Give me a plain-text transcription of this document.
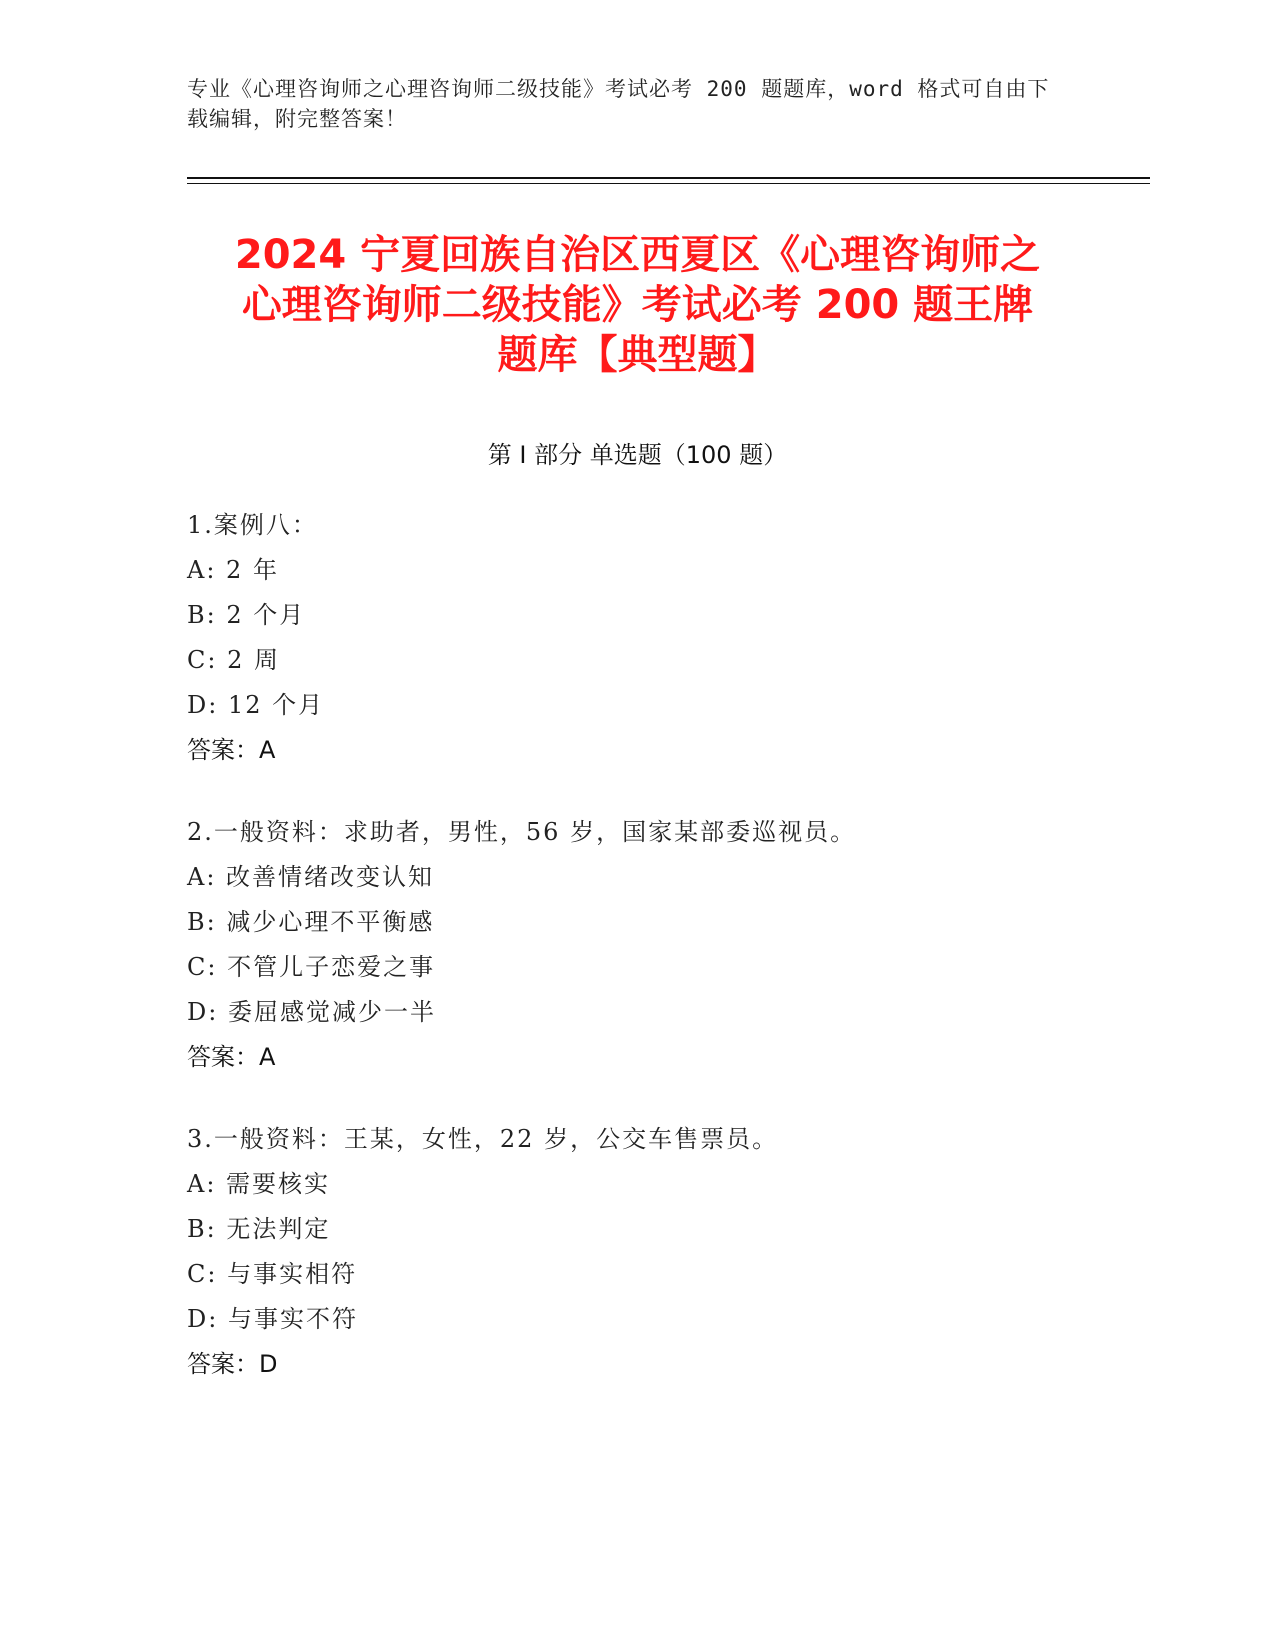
专业《心理咨询师之心理咨询师二级技能》考试必考 200 题题库，word 格式可自由下载编辑，附完整答案！
2024 宁夏回族自治区西夏区《心理咨询师之
心理咨询师二级技能》考试必考 200 题王牌
题库【典型题】
第 I 部分 单选题（100 题）
1.案例八：
A: 2 年
B: 2 个月
C: 2 周
D: 12 个月
答案：A
2.一般资料：求助者，男性，56 岁，国家某部委巡视员。
A: 改善情绪改变认知
B: 减少心理不平衡感
C: 不管儿子恋爱之事
D: 委屈感觉减少一半
答案：A
3.一般资料：王某，女性，22 岁，公交车售票员。
A: 需要核实
B: 无法判定
C: 与事实相符
D: 与事实不符
答案：D
